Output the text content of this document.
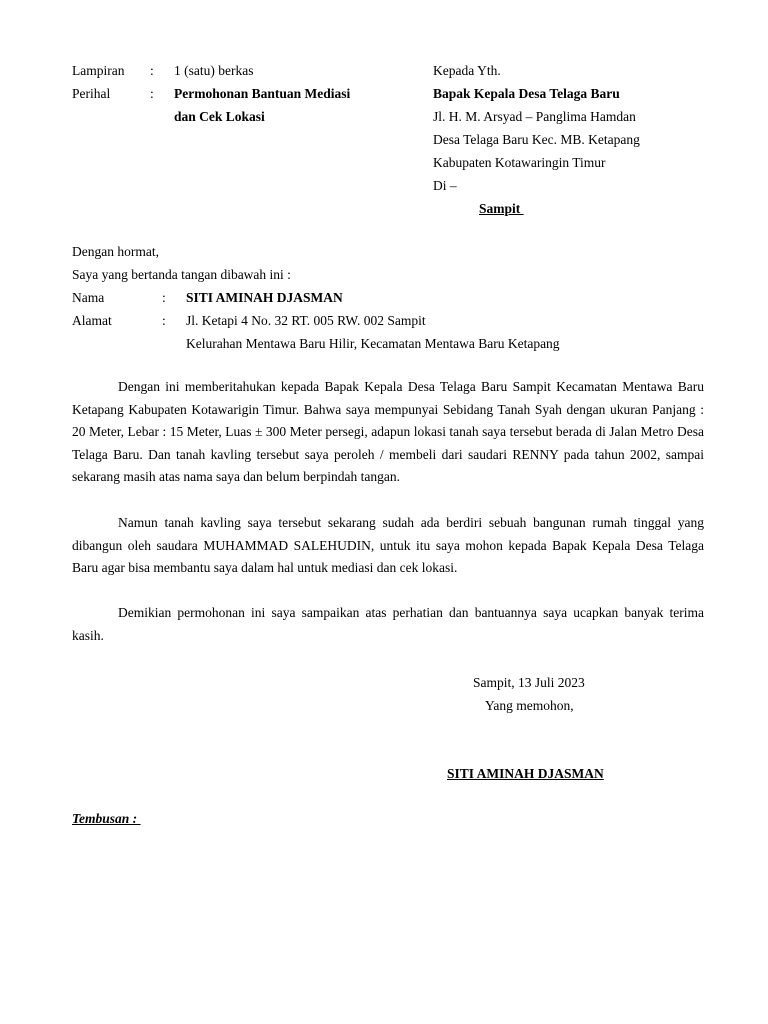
Lampiran : 1 (satu) berkas
Perihal	: Permohonan Bantuan Mediasi
dan Cek Lokasi
Kepada Yth.
Bapak Kepala Desa Telaga Baru
Jl. H. M. Arsyad – Panglima Hamdan
Desa Telaga Baru Kec. MB. Ketapang
Kabupaten Kotawaringin Timur
Di –
Sampit
Dengan hormat,
Saya yang bertanda tangan dibawah ini :
Nama	: SITI AMINAH DJASMAN
Alamat	: Jl. Ketapi 4 No. 32 RT. 005 RW. 002 Sampit
Kelurahan Mentawa Baru Hilir, Kecamatan Mentawa Baru Ketapang
Dengan ini memberitahukan kepada Bapak Kepala Desa Telaga Baru Sampit Kecamatan Mentawa Baru Ketapang Kabupaten Kotawarigin Timur. Bahwa saya mempunyai Sebidang Tanah Syah dengan ukuran Panjang : 20 Meter, Lebar : 15 Meter, Luas ± 300 Meter persegi, adapun lokasi tanah saya tersebut berada di Jalan Metro Desa Telaga Baru. Dan tanah kavling tersebut saya peroleh / membeli dari saudari RENNY pada tahun 2002, sampai sekarang masih atas nama saya dan belum berpindah tangan.
Namun tanah kavling saya tersebut sekarang sudah ada berdiri sebuah bangunan rumah tinggal yang dibangun oleh saudara MUHAMMAD SALEHUDIN, untuk itu saya mohon kepada Bapak Kepala Desa Telaga Baru agar bisa membantu saya dalam hal untuk mediasi dan cek lokasi.
Demikian permohonan ini saya sampaikan atas perhatian dan bantuannya saya ucapkan banyak terima kasih.
Sampit, 13 Juli 2023
Yang memohon,
SITI AMINAH DJASMAN
Tembusan :
